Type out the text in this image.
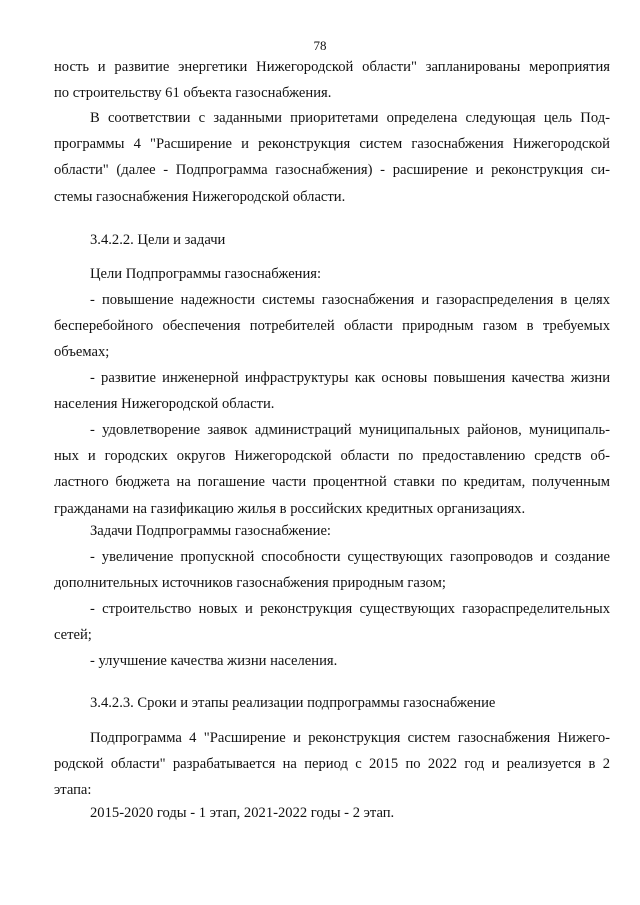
78
ность и развитие энергетики Нижегородской области" запланированы мероприятия
по строительству 61 объекта газоснабжения.
В соответствии с заданными приоритетами определена следующая цель Под-
программы 4 "Расширение и реконструкция систем газоснабжения Нижегородской
области" (далее - Подпрограмма газоснабжения) - расширение и реконструкция си-
стемы газоснабжения Нижегородской области.
3.4.2.2. Цели и задачи
Цели Подпрограммы газоснабжения:
- повышение надежности системы газоснабжения и газораспределения в целях
бесперебойного обеспечения потребителей области природным газом в требуемых
объемах;
- развитие инженерной инфраструктуры как основы повышения качества жизни
населения Нижегородской области.
- удовлетворение заявок администраций муниципальных районов, муниципаль-
ных и городских округов Нижегородской области по предоставлению средств об-
ластного бюджета на погашение части процентной ставки по кредитам, полученным
гражданами на газификацию жилья в российских кредитных организациях.
Задачи Подпрограммы газоснабжение:
- увеличение пропускной способности существующих газопроводов и создание
дополнительных источников газоснабжения природным газом;
- строительство новых и реконструкция существующих газораспределительных
сетей;
- улучшение качества жизни населения.
3.4.2.3. Сроки и этапы реализации подпрограммы газоснабжение
Подпрограмма 4 "Расширение и реконструкция систем газоснабжения Нижего-
родской области" разрабатывается на период с 2015 по 2022 год и реализуется в 2
этапа:
2015-2020 годы - 1 этап, 2021-2022 годы - 2 этап.
